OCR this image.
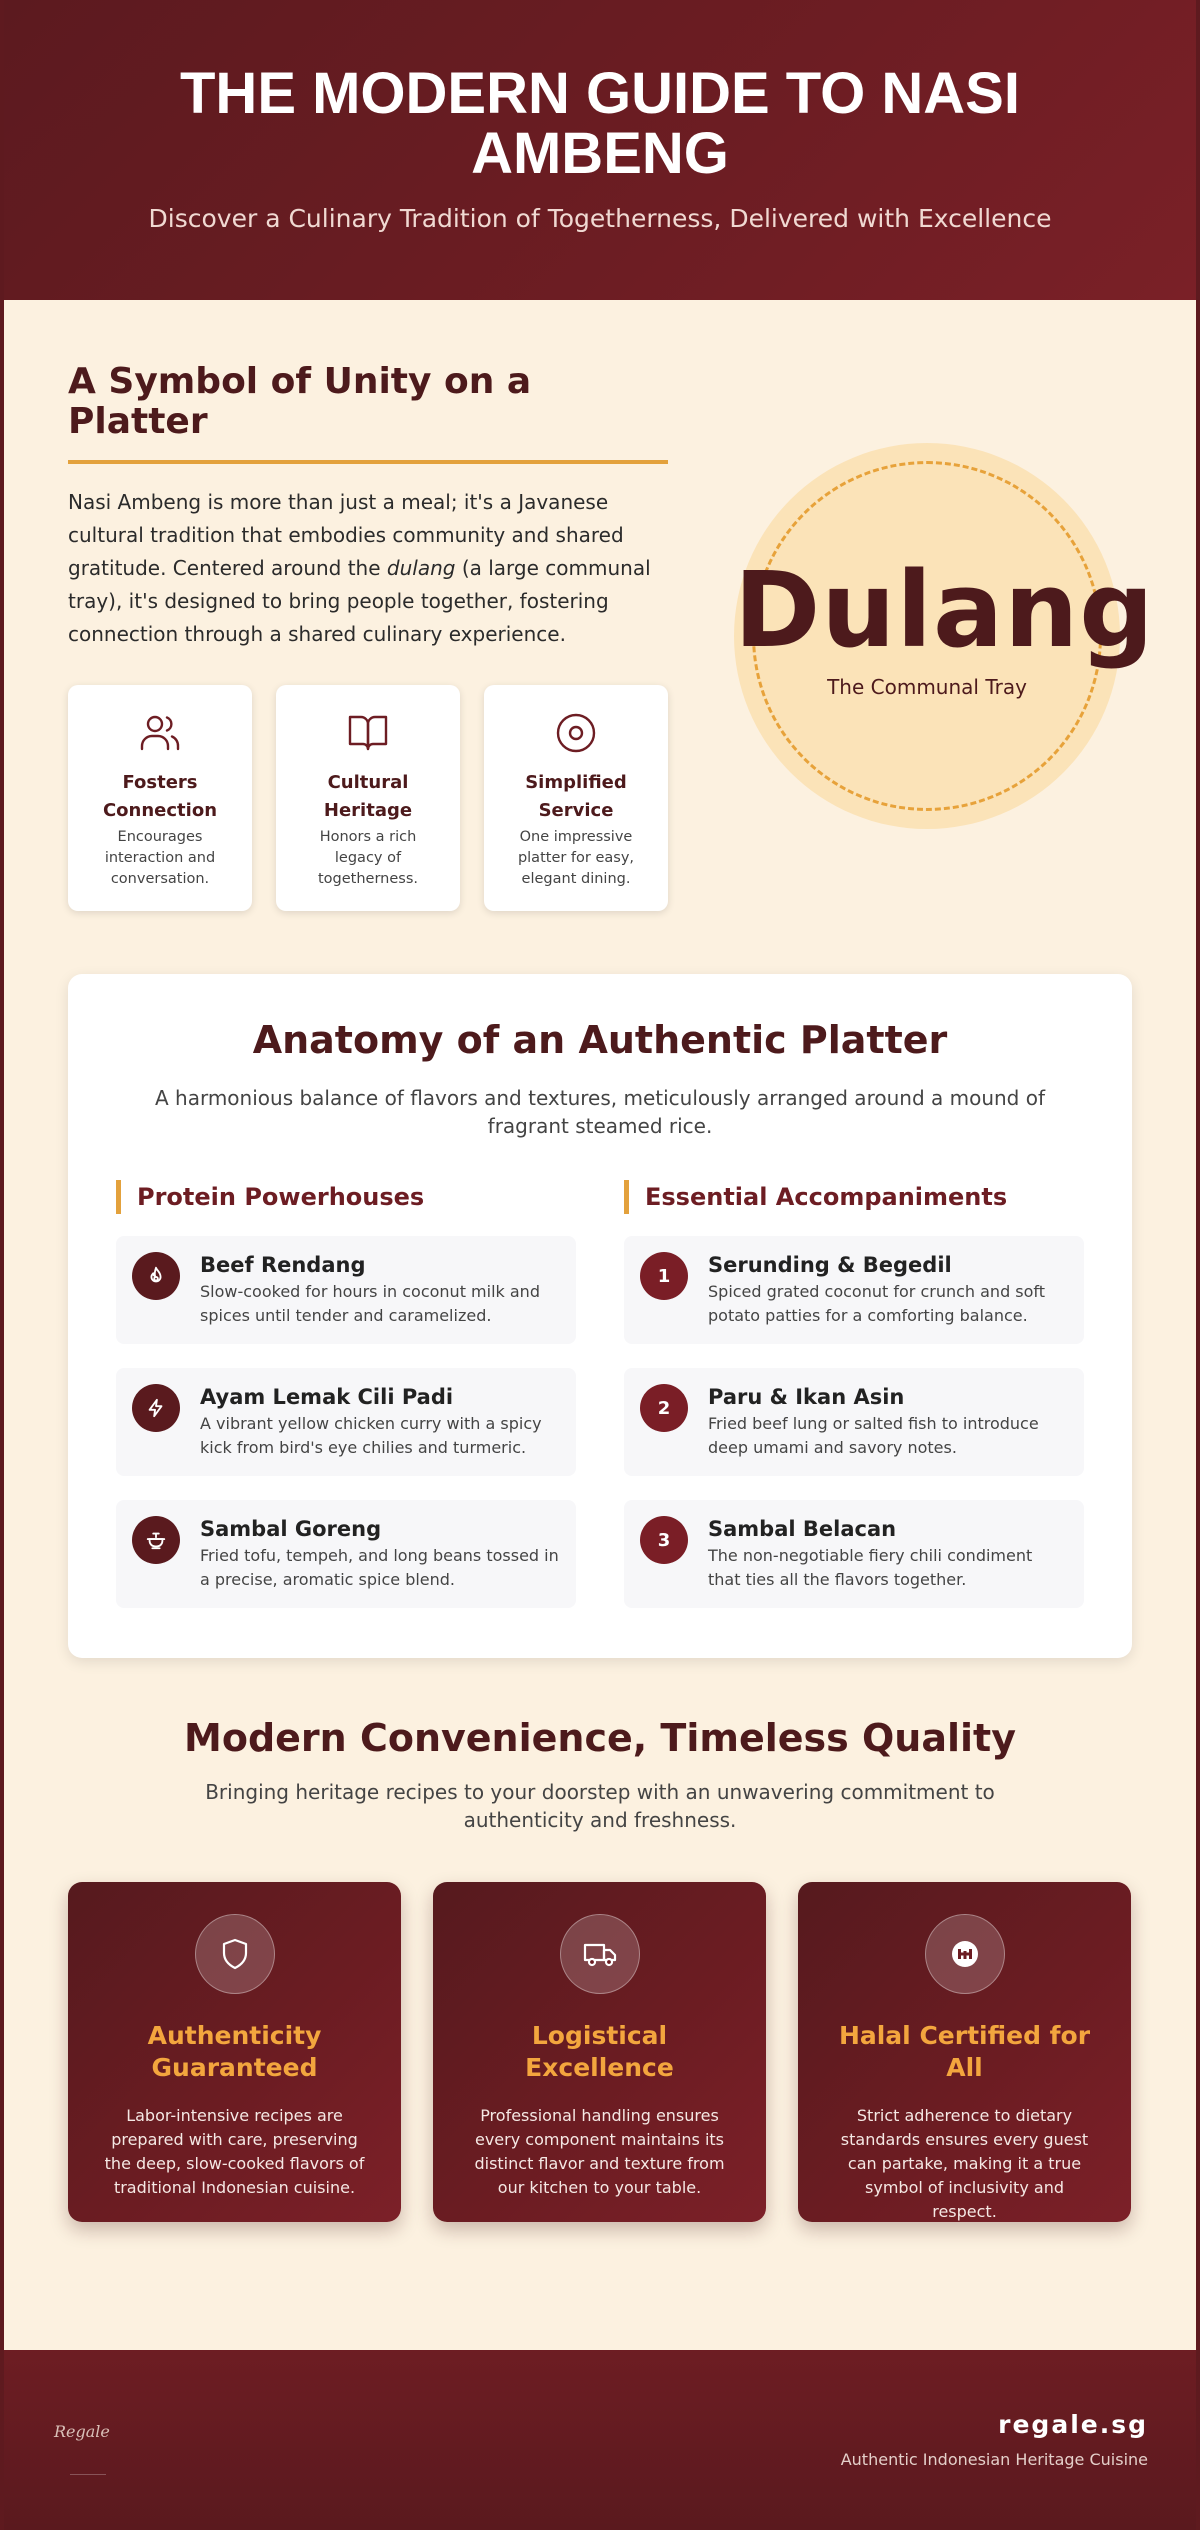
THE MODERN GUIDE TO NASI AMBENG

Discover a Culinary Tradition of Togetherness, Delivered with Excellence

A Symbol of Unity on a Platter

Nasi Ambeng is more than just a meal; it's a Javanese cultural tradition that embodies community and shared gratitude. Centered around the dulang (a large communal tray), it's designed to bring people together, fostering connection through a shared culinary experience.

Fosters Connection
Encourages interaction and conversation.
Cultural Heritage
Honors a rich legacy of togetherness.
Simplified Service
One impressive platter for easy, elegant dining.
Dulang
The Communal Tray
Anatomy of an Authentic Platter

A harmonious balance of flavors and textures, meticulously arranged around a mound of fragrant steamed rice.

Protein Powerhouses
Beef Rendang
Slow-cooked for hours in coconut milk and spices until tender and caramelized.
Ayam Lemak Cili Padi
A vibrant yellow chicken curry with a spicy kick from bird's eye chilies and turmeric.
Sambal Goreng
Fried tofu, tempeh, and long beans tossed in a precise, aromatic spice blend.
Essential Accompaniments
1	Serunding & Begedil
Spiced grated coconut for crunch and soft potato patties for a comforting balance.
2	Paru & Ikan Asin
Fried beef lung or salted fish to introduce deep umami and savory notes.
3	Sambal Belacan
The non-negotiable fiery chili condiment that ties all the flavors together.
Modern Convenience, Timeless Quality

Bringing heritage recipes to your doorstep with an unwavering commitment to authenticity and freshness.

Authenticity Guaranteed
Labor-intensive recipes are prepared with care, preserving the deep, slow-cooked flavors of traditional Indonesian cuisine.
Logistical Excellence
Professional handling ensures every component maintains its distinct flavor and texture from our kitchen to your table.
Halal Certified for All
Strict adherence to dietary standards ensures every guest can partake, making it a true symbol of inclusivity and respect.
Regale	regale.sg
Authentic Indonesian Heritage Cuisine
